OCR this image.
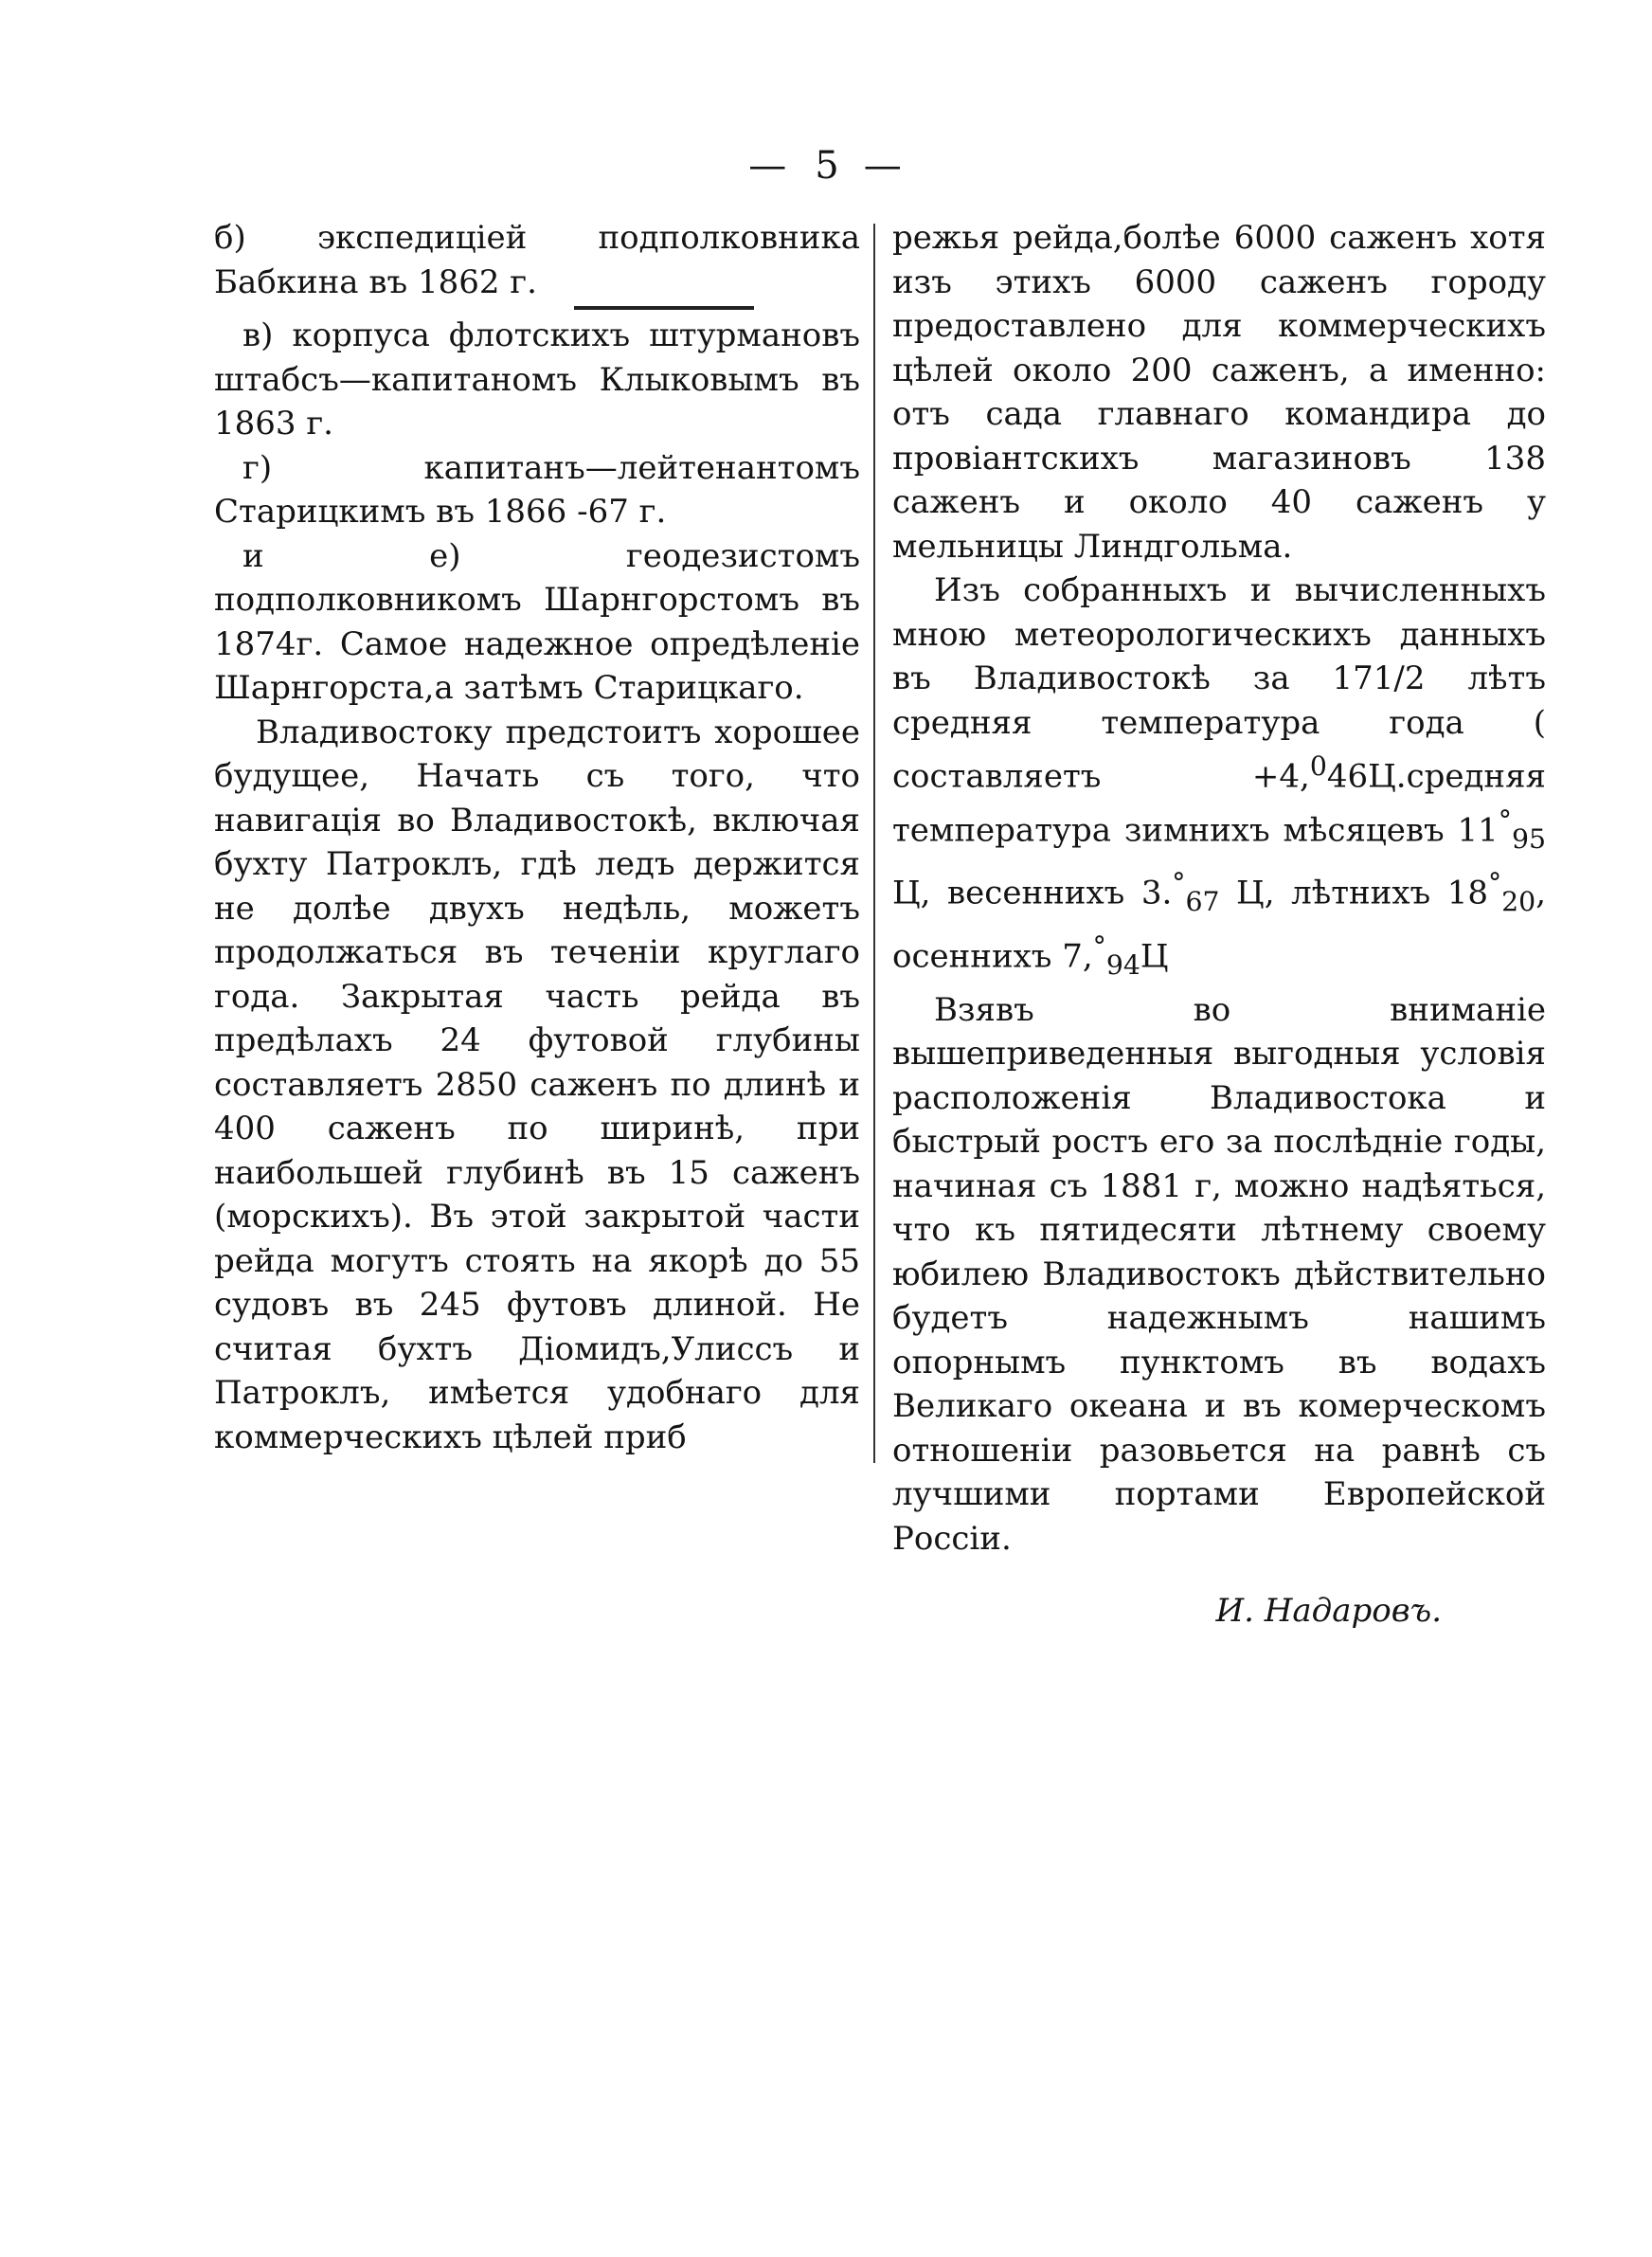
— 5 —

б) экспедиціей подполковника Бабкина въ 1862 г.

в) корпуса флотскихъ штурмановъ штабсъ—капитаномъ Клыковымъ въ 1863 г.

г) капитанъ—лейтенантомъ Старицкимъ въ 1866 -67 г.

и е) геодезистомъ подполковникомъ Шарнгорстомъ въ 1874г. Самое надежное опредѣленіе Шарнгорста,а затѣмъ Старицкаго.

Владивостоку предстоитъ хорошее будущее, Начать съ того, что навигація во Владивостокѣ, включая бухту Патроклъ, гдѣ ледъ держится не долѣе двухъ недѣль, можетъ продолжаться въ теченіи круглаго года. Закрытая часть рейда въ предѣлахъ 24 футовой глубины составляетъ 2850 саженъ по длинѣ и 400 саженъ по ширинѣ, при наибольшей глубинѣ въ 15 саженъ (морскихъ). Въ этой закрытой части рейда могутъ стоять на якорѣ до 55 судовъ въ 245 футовъ длиной. Не считая бухтъ Діомидъ,Улиссъ и Патроклъ, имѣется удобнаго для коммерческихъ цѣлей приб

режья рейда,болѣе 6000 саженъ хотя изъ этихъ 6000 саженъ городу предоставлено для коммерческихъ цѣлей около 200 саженъ, а именно: отъ сада главнаго командира до провіантскихъ магазиновъ 138 саженъ и около 40 саженъ у мельницы Линдгольма.

Изъ собранныхъ и вычисленныхъ мною метеорологическихъ данныхъ въ Владивостокѣ за 171/2 лѣтъ средняя температура года ( составляетъ +4,$^0$46Ц.средняя температура зимнихъ мѣсяцевъ $11^\circ_{95}$ Ц, весеннихъ $3.^\circ_{67}$ Ц, лѣтнихъ $18^\circ_{20}$, осеннихъ $7,^\circ_{94}Ц$

Взявъ во вниманіе вышеприведенныя выгодныя условія расположенія Владивостока и быстрый ростъ его за послѣдніе годы, начиная съ 1881 г, можно надѣяться, что къ пятидесяти лѣтнему своему юбилею Владивостокъ дѣйствительно будетъ надежнымъ нашимъ опорнымъ пунктомъ въ водахъ Великаго океана и въ комерческомъ отношеніи разовьется на равнѣ съ лучшими портами Европейской Россіи.

И. Надаровъ.
